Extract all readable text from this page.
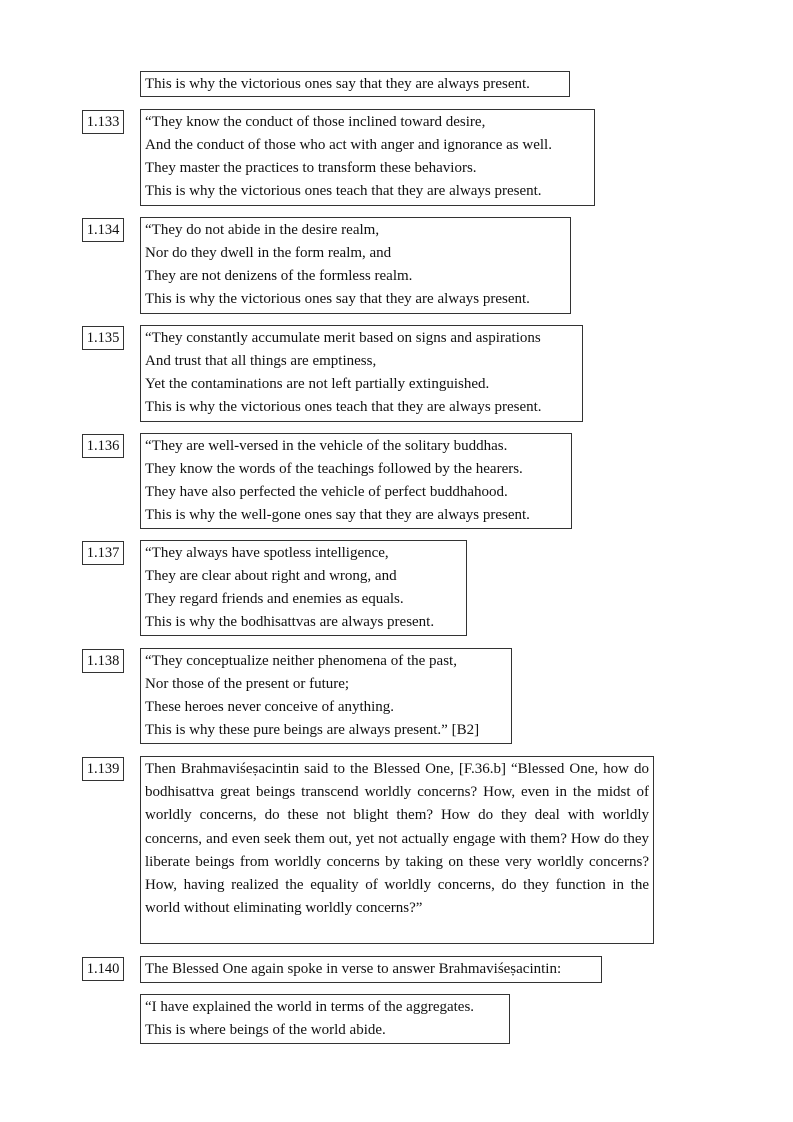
This is why the victorious ones say that they are always present.
1.133	“They know the conduct of those inclined toward desire,
And the conduct of those who act with anger and ignorance as well.
They master the practices to transform these behaviors.
This is why the victorious ones teach that they are always present.
1.134	“They do not abide in the desire realm,
Nor do they dwell in the form realm, and
They are not denizens of the formless realm.
This is why the victorious ones say that they are always present.
1.135	“They constantly accumulate merit based on signs and aspirations
And trust that all things are emptiness,
Yet the contaminations are not left partially extinguished.
This is why the victorious ones teach that they are always present.
1.136	“They are well-versed in the vehicle of the solitary buddhas.
They know the words of the teachings followed by the hearers.
They have also perfected the vehicle of perfect buddhahood.
This is why the well-gone ones say that they are always present.
1.137	“They always have spotless intelligence,
They are clear about right and wrong, and
They regard friends and enemies as equals.
This is why the bodhisattvas are always present.
1.138	“They conceptualize neither phenomena of the past,
Nor those of the present or future;
These heroes never conceive of anything.
This is why these pure beings are always present.” [B2]
1.139	Then Brahmaviśeṣacintin said to the Blessed One, [F.36.b] “Blessed One, how do bodhisattva great beings transcend worldly concerns? How, even in the midst of worldly concerns, do these not blight them? How do they deal with worldly concerns, and even seek them out, yet not actually engage with them? How do they liberate beings from worldly concerns by taking on these very worldly concerns? How, having realized the equality of worldly concerns, do they function in the world without eliminating worldly concerns?”
1.140	The Blessed One again spoke in verse to answer Brahmaviśeṣacintin:
“I have explained the world in terms of the aggregates.
This is where beings of the world abide.
